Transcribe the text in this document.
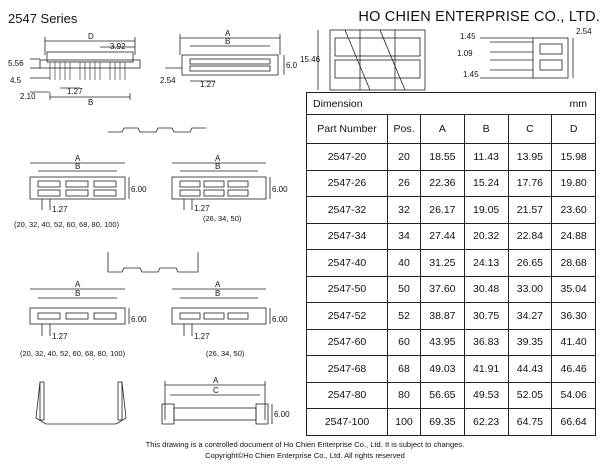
2547 Series	HO CHIEN ENTERPRISE CO., LTD.
D
3.92
5.56
4.5
2.10
1.27
B
A
B
6.0
2.54	1.27
15.46
1.45
1.09
1.45
2.54
A
B
6.00
1.27
(20, 32, 40, 52, 60, 68, 80, 100)
A
B
6.00
1.27
(26, 34, 50)
A
B
6.00
1.27
(20, 32, 40, 52, 60, 68, 80, 100)
A
B
6.00
1.27
(26, 34, 50)
A
C
6.00
Dimension mm					

Part Number	Pos.	A	B	C	D
2547-20	20	18.55	11.43	13.95	15.98
2547-26	26	22.36	15.24	17.76	19.80
2547-32	32	26.17	19.05	21.57	23.60
2547-34	34	27.44	20.32	22.84	24.88
2547-40	40	31.25	24.13	26.65	28.68
2547-50	50	37.60	30.48	33.00	35.04
2547-52	52	38.87	30.75	34.27	36.30
2547-60	60	43.95	36.83	39.35	41.40
2547-68	68	49.03	41.91	44.43	46.46
2547-80	80	56.65	49.53	52.05	54.06
2547-100	100	69.35	62.23	64.75	66.64
This drawing is a controlled document of Ho Chien Enterprise Co., Ltd. It is subject to changes.
Copyright©Ho Chien Enterprise Co., Ltd. All rights reserved
